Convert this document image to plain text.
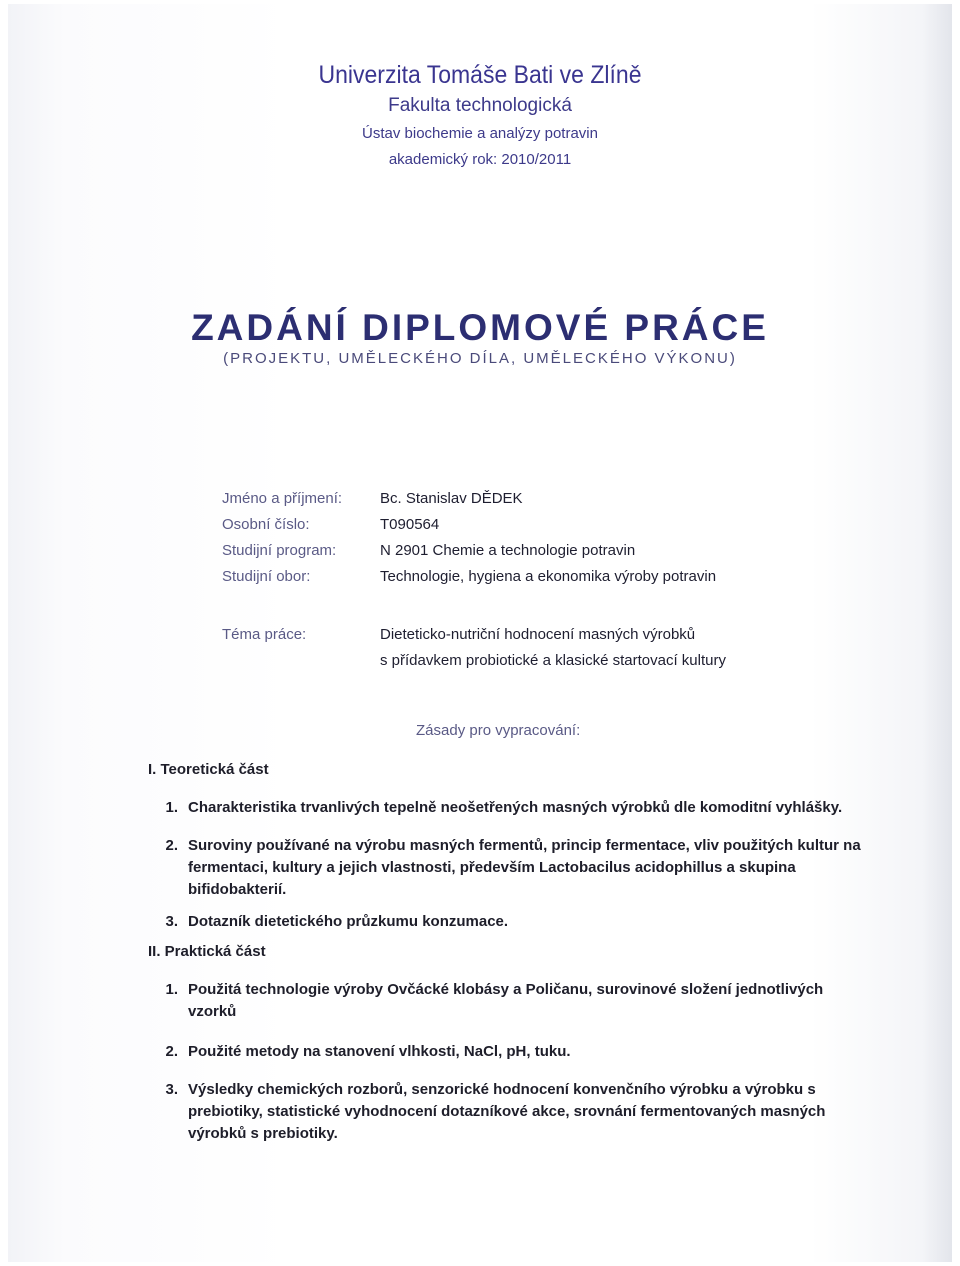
Univerzita Tomáše Bati ve Zlíně
Fakulta technologická
Ústav biochemie a analýzy potravin
akademický rok: 2010/2011
ZADÁNÍ DIPLOMOVÉ PRÁCE
(PROJEKTU, UMĚLECKÉHO DÍLA, UMĚLECKÉHO VÝKONU)
Jméno a příjmení:	Bc. Stanislav DĚDEK
Osobní číslo:	T090564
Studijní program:	N 2901 Chemie a technologie potravin
Studijní obor:	Technologie, hygiena a ekonomika výroby potravin
Téma práce:	Dieteticko-nutriční hodnocení masných výrobků
s přídavkem probiotické a klasické startovací kultury
Zásady pro vypracování:
I. Teoretická část
1. Charakteristika trvanlivých tepelně neošetřených masných výrobků dle komoditní vyhlášky.
2. Suroviny používané na výrobu masných fermentů, princip fermentace, vliv použitých kultur na fermentaci, kultury a jejich vlastnosti, především Lactobacilus acidophillus a skupina bifidobakterií.
3. Dotazník dietetického průzkumu konzumace.
II. Praktická část
1. Použitá technologie výroby Ovčácké klobásy a Poličanu, surovinové složení jednotlivých vzorků
2. Použité metody na stanovení vlhkosti, NaCl, pH, tuku.
3. Výsledky chemických rozborů, senzorické hodnocení konvenčního výrobku a výrobku s prebiotiky, statistické vyhodnocení dotazníkové akce, srovnání fermentovaných masných výrobků s prebiotiky.
